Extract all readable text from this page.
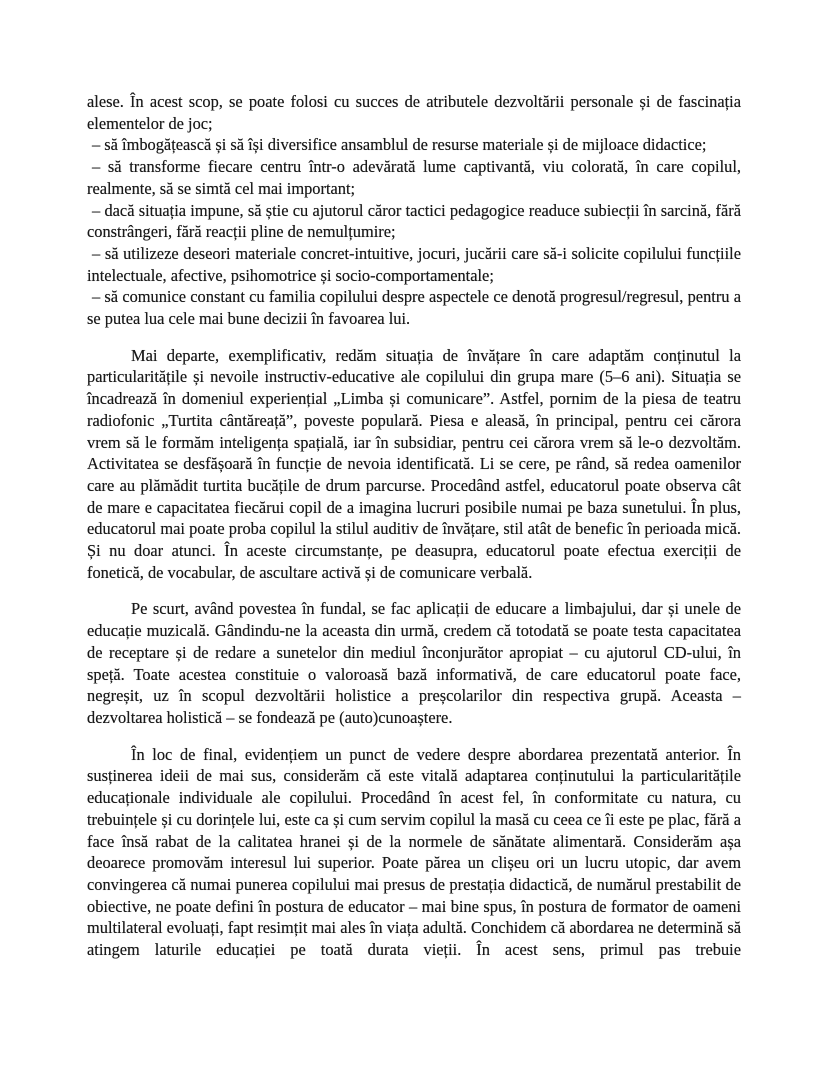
alese. În acest scop, se poate folosi cu succes de atributele dezvoltării personale și de fascinația elementelor de joc;

– să îmbogățească și să își diversifice ansamblul de resurse materiale și de mijloace didactice;

– să transforme fiecare centru într-o adevărată lume captivantă, viu colorată, în care copilul, realmente, să se simtă cel mai important;

– dacă situația impune, să știe cu ajutorul căror tactici pedagogice readuce subiecții în sarcină, fără constrângeri, fără reacții pline de nemulțumire;

– să utilizeze deseori materiale concret-intuitive, jocuri, jucării care să-i solicite copilului funcțiile intelectuale, afective, psihomotrice și socio-comportamentale;

– să comunice constant cu familia copilului despre aspectele ce denotă progresul/regresul, pentru a se putea lua cele mai bune decizii în favoarea lui.

Mai departe, exemplificativ, redăm situația de învățare în care adaptăm conținutul la particularitățile și nevoile instructiv-educative ale copilului din grupa mare (5–6 ani). Situația se încadrează în domeniul experiențial „Limba și comunicare”. Astfel, pornim de la piesa de teatru radiofonic „Turtita cântăreață”, poveste populară. Piesa e aleasă, în principal, pentru cei cărora vrem să le formăm inteligența spațială, iar în subsidiar, pentru cei cărora vrem să le-o dezvoltăm. Activitatea se desfășoară în funcție de nevoia identificată. Li se cere, pe rând, să redea oamenilor care au plămădit turtita bucățile de drum parcurse. Procedând astfel, educatorul poate observa cât de mare e capacitatea fiecărui copil de a imagina lucruri posibile numai pe baza sunetului. În plus, educatorul mai poate proba copilul la stilul auditiv de învățare, stil atât de benefic în perioada mică. Și nu doar atunci. În aceste circumstanțe, pe deasupra, educatorul poate efectua exerciții de fonetică, de vocabular, de ascultare activă și de comunicare verbală.

Pe scurt, având povestea în fundal, se fac aplicații de educare a limbajului, dar și unele de educație muzicală. Gândindu-ne la aceasta din urmă, credem că totodată se poate testa capacitatea de receptare și de redare a sunetelor din mediul înconjurător apropiat – cu ajutorul CD-ului, în speță. Toate acestea constituie o valoroasă bază informativă, de care educatorul poate face, negreșit, uz în scopul dezvoltării holistice a preșcolarilor din respectiva grupă. Aceasta – dezvoltarea holistică – se fondează pe (auto)cunoaștere.

În loc de final, evidențiem un punct de vedere despre abordarea prezentată anterior. În susținerea ideii de mai sus, considerăm că este vitală adaptarea conținutului la particularitățile educaționale individuale ale copilului. Procedând în acest fel, în conformitate cu natura, cu trebuințele și cu dorințele lui, este ca și cum servim copilul la masă cu ceea ce îi este pe plac, fără a face însă rabat de la calitatea hranei și de la normele de sănătate alimentară. Considerăm așa deoarece promovăm interesul lui superior. Poate părea un clișeu ori un lucru utopic, dar avem convingerea că numai punerea copilului mai presus de prestația didactică, de numărul prestabilit de obiective, ne poate defini în postura de educator – mai bine spus, în postura de formator de oameni multilateral evoluați, fapt resimțit mai ales în viața adultă. Conchidem că abordarea ne determină să atingem laturile educației pe toată durata vieții. În acest sens, primul pas trebuie
